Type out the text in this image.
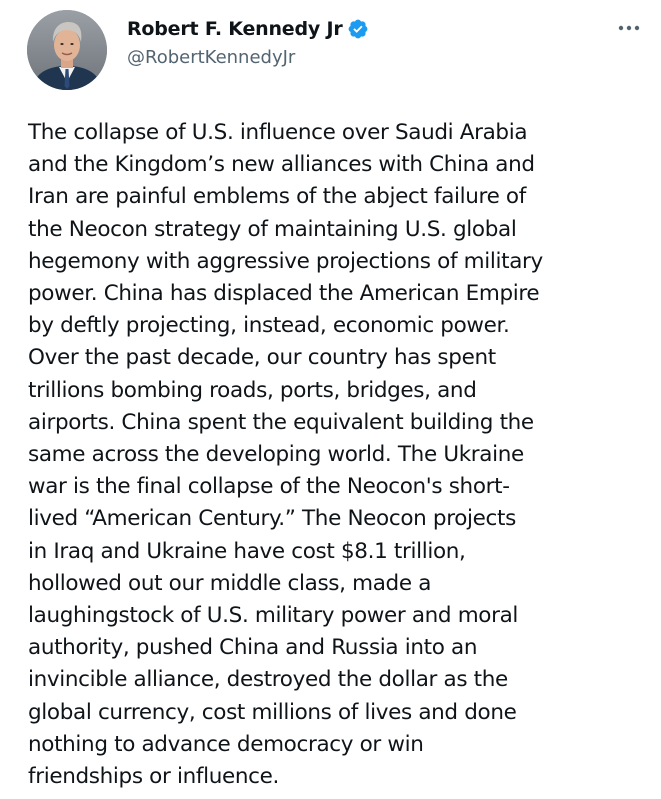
Robert F. Kennedy Jr
@RobertKennedyJr

The collapse of U.S. influence over Saudi Arabia
and the Kingdom’s new alliances with China and
Iran are painful emblems of the abject failure of
the Neocon strategy of maintaining U.S. global
hegemony with aggressive projections of military
power. China has displaced the American Empire
by deftly projecting, instead, economic power.
Over the past decade, our country has spent
trillions bombing roads, ports, bridges, and
airports. China spent the equivalent building the
same across the developing world. The Ukraine
war is the final collapse of the Neocon's short-
lived “American Century.” The Neocon projects
in Iraq and Ukraine have cost $8.1 trillion,
hollowed out our middle class, made a
laughingstock of U.S. military power and moral
authority, pushed China and Russia into an
invincible alliance, destroyed the dollar as the
global currency, cost millions of lives and done
nothing to advance democracy or win
friendships or influence.
